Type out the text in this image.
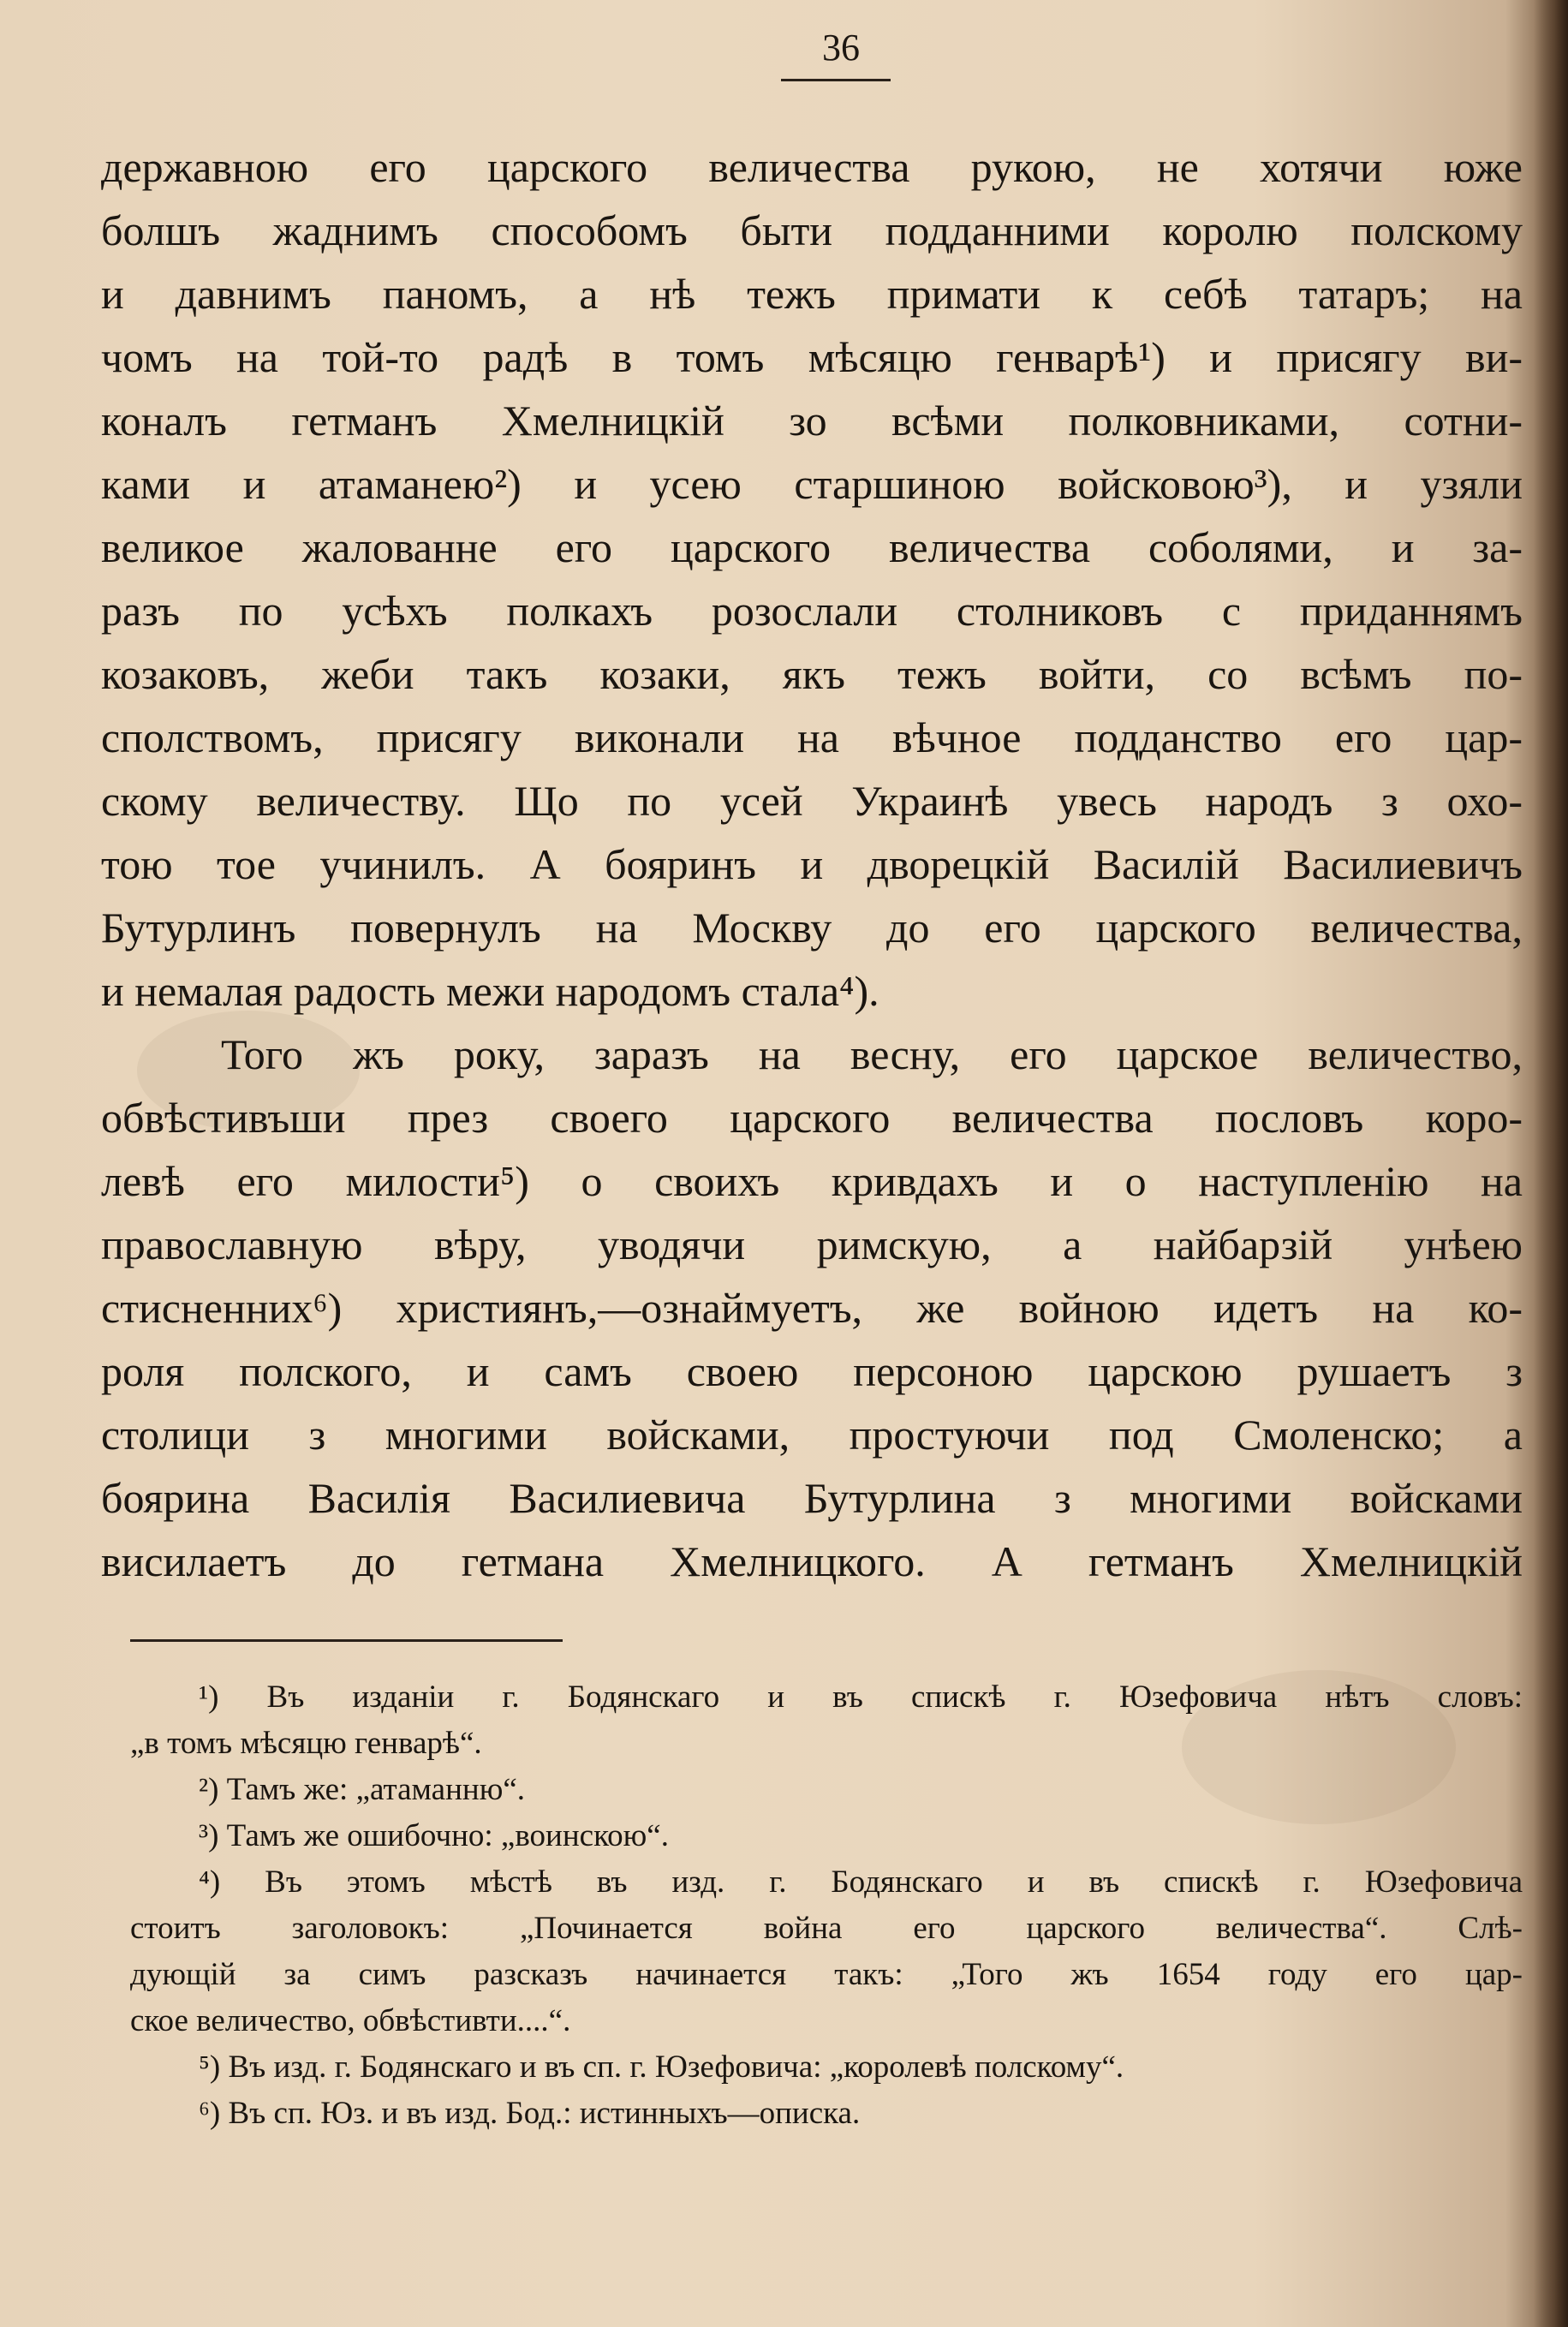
36
державною его царского величества рукою, не хотячи юже
болшъ жаднимъ способомъ быти подданними королю полскому
и давнимъ паномъ, а нѣ тежъ примати к себѣ татаръ; на
чомъ на той-то радѣ в томъ мѣсяцю генварѣ¹) и присягу ви-
коналъ гетманъ Хмелницкій зо всѣми полковниками, сотни-
ками и атаманею²) и усею старшиною войсковою³), и узяли
великое жалованне его царского величества соболями, и за-
разъ по усѣхъ полкахъ розослали столниковъ с приданнямъ
козаковъ, жеби такъ козаки, якъ тежъ войти, со всѣмъ по-
сполствомъ, присягу виконали на вѣчное подданство его цар-
скому величеству. Що по усей Украинѣ увесь народъ з охо-
тою тое учинилъ. А бояринъ и дворецкій Василій Василиевичъ
Бутурлинъ повернулъ на Москву до его царского величества,
и немалая радость межи народомъ стала⁴).
Того жъ року, заразъ на весну, его царское величество,
обвѣстивъши през своего царского величества пословъ коро-
левѣ его милости⁵) о своихъ кривдахъ и о наступленію на
православную вѣру, уводячи римскую, а найбарзій унѣею
стисненних⁶) християнъ,—ознаймуетъ, же войною идетъ на ко-
роля полского, и самъ своею персоною царскою рушаетъ з
столици з многими войсками, простуючи под Смоленско; а
боярина Василія Василиевича Бутурлина з многими войсками
висилаетъ до гетмана Хмелницкого. А гетманъ Хмелницкій
¹) Въ изданіи г. Бодянскаго и въ спискѣ г. Юзефовича нѣтъ словъ:
„в томъ мѣсяцю генварѣ“.
²) Тамъ же: „атаманню“.
³) Тамъ же ошибочно: „воинскою“.
⁴) Въ этомъ мѣстѣ въ изд. г. Бодянскаго и въ спискѣ г. Юзефовича
стоитъ заголовокъ: „Починается война его царского величества“. Слѣ-
дующій за симъ разсказъ начинается такъ: „Того жъ 1654 году его цар-
ское величество, обвѣстивти....“.
⁵) Въ изд. г. Бодянскаго и въ сп. г. Юзефовича: „королевѣ полскому“.
⁶) Въ сп. Юз. и въ изд. Бод.: истинныхъ—описка.
